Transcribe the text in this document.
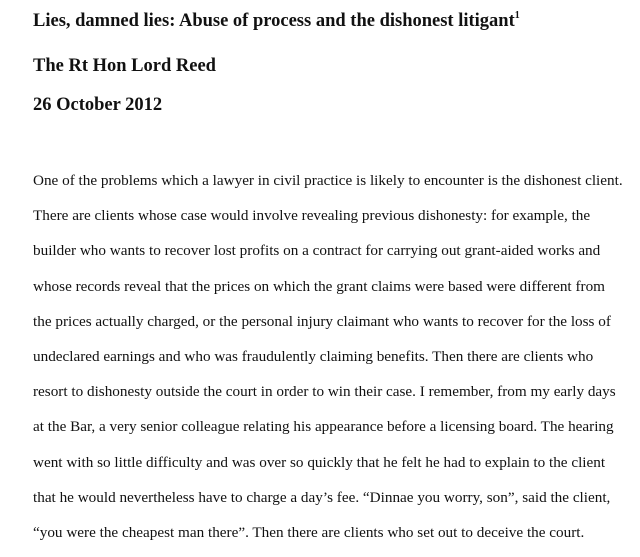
Lies, damned lies: Abuse of process and the dishonest litigant$^1$
The Rt Hon Lord Reed
26 October 2012
One of the problems which a lawyer in civil practice is likely to encounter is the dishonest client.
There are clients whose case would involve revealing previous dishonesty: for example, the
builder who wants to recover lost profits on a contract for carrying out grant-aided works and
whose records reveal that the prices on which the grant claims were based were different from
the prices actually charged, or the personal injury claimant who wants to recover for the loss of
undeclared earnings and who was fraudulently claiming benefits. Then there are clients who
resort to dishonesty outside the court in order to win their case. I remember, from my early days
at the Bar, a very senior colleague relating his appearance before a licensing board. The hearing
went with so little difficulty and was over so quickly that he felt he had to explain to the client
that he would nevertheless have to charge a day’s fee. “Dinnae you worry, son”, said the client,
“you were the cheapest man there”. Then there are clients who set out to deceive the court.
